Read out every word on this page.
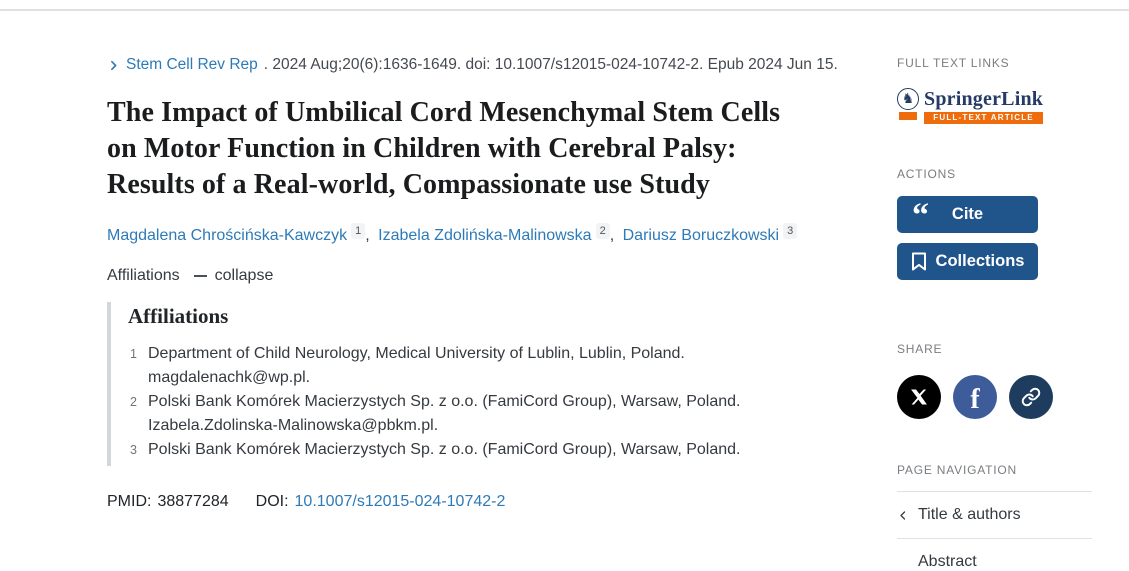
Stem Cell Rev Rep . 2024 Aug;20(6):1636-1649. doi: 10.1007/s12015-024-10742-2. Epub 2024 Jun 15.
The Impact of Umbilical Cord Mesenchymal Stem Cells on Motor Function in Children with Cerebral Palsy: Results of a Real-world, Compassionate use Study
Magdalena Chrościńska-Kawczyk 1 , Izabela Zdolińska-Malinowska 2 , Dariusz Boruczkowski 3
Affiliations collapse
Affiliations
1 Department of Child Neurology, Medical University of Lublin, Lublin, Poland. magdalenachk@wp.pl.
2 Polski Bank Komórek Macierzystych Sp. z o.o. (FamiCord Group), Warsaw, Poland. Izabela.Zdolinska-Malinowska@pbkm.pl.
3 Polski Bank Komórek Macierzystych Sp. z o.o. (FamiCord Group), Warsaw, Poland.
PMID: 38877284 DOI: 10.1007/s12015-024-10742-2
FULL TEXT LINKS
♞
SpringerLink
FULL-TEXT ARTICLE
ACTIONS
“
Cite
Collections
SHARE
f
PAGE NAVIGATION
Title & authors
Abstract
